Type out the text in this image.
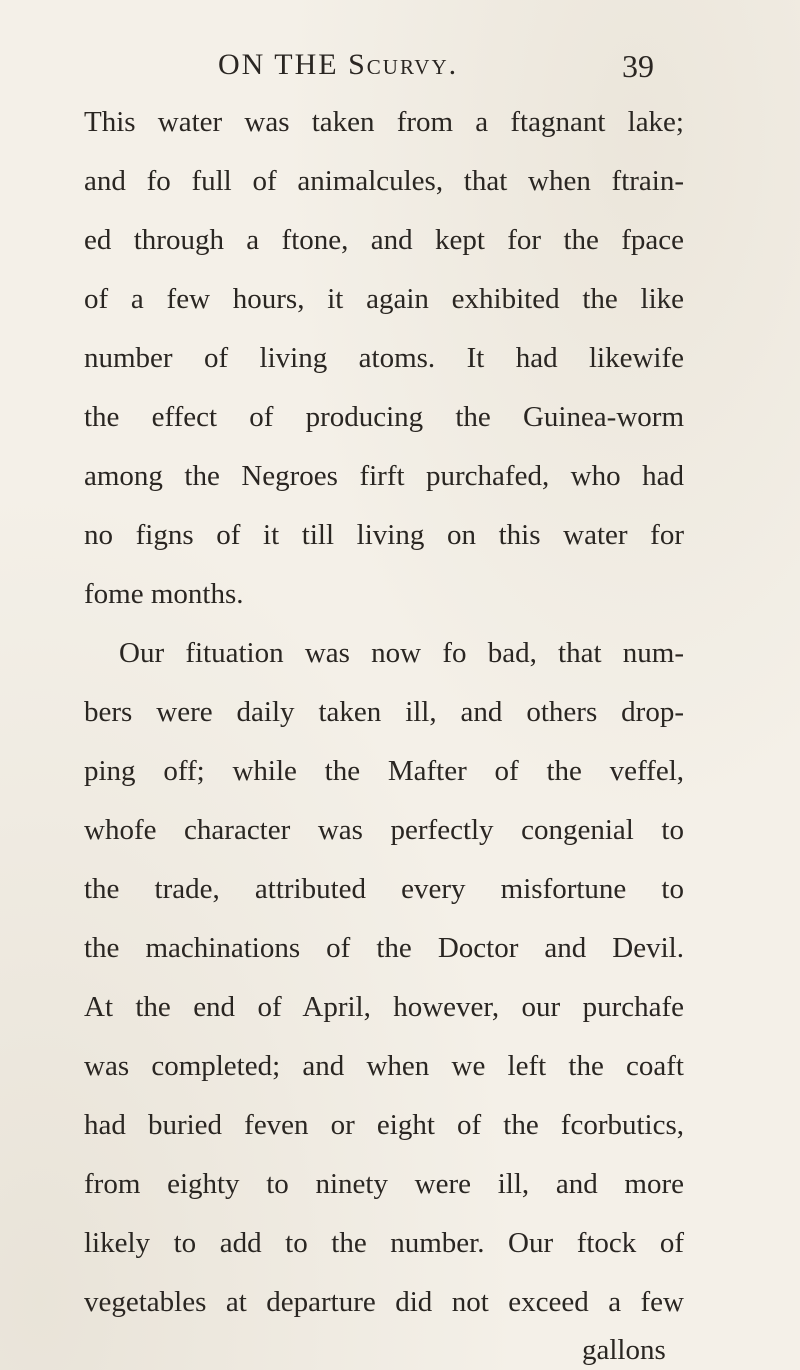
ON THE Scurvy.	39
This water was taken from a ftagnant lake;
and fo full of animalcules, that when ftrain-
ed through a ftone, and kept for the fpace
of a few hours, it again exhibited the like
number of living atoms. It had likewife
the effect of producing the Guinea-worm
among the Negroes firft purchafed, who had
no figns of it till living on this water for
fome months.
Our fituation was now fo bad, that num-
bers were daily taken ill, and others drop-
ping off; while the Mafter of the veffel,
whofe character was perfectly congenial to
the trade, attributed every misfortune to
the machinations of the Doctor and Devil.
At the end of April, however, our purchafe
was completed; and when we left the coaft
had buried feven or eight of the fcorbutics,
from eighty to ninety were ill, and more
likely to add to the number. Our ftock of
vegetables at departure did not exceed a few
gallons
